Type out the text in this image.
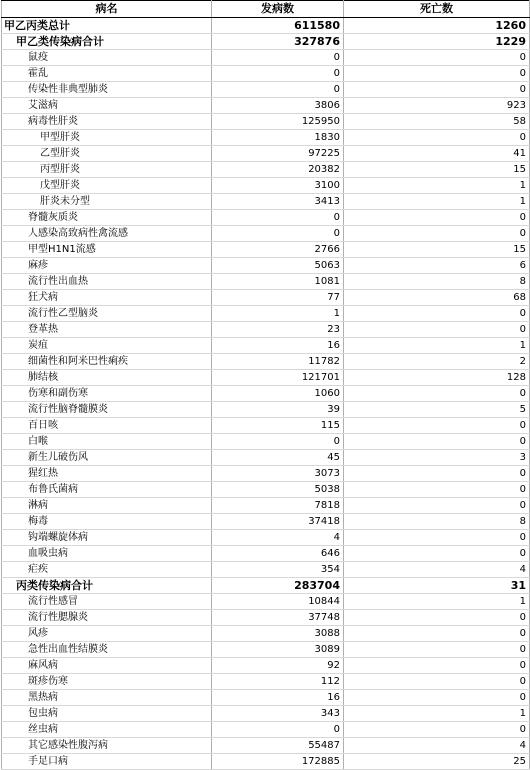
病名	发病数	死亡数
甲乙丙类总计	611580	1260
甲乙类传染病合计	327876	1229
鼠疫	0	0
霍乱	0	0
传染性非典型肺炎	0	0
艾滋病	3806	923
病毒性肝炎	125950	58
甲型肝炎	1830	0
乙型肝炎	97225	41
丙型肝炎	20382	15
戊型肝炎	3100	1
肝炎未分型	3413	1
脊髓灰质炎	0	0
人感染高致病性禽流感	0	0
甲型H1N1流感	2766	15
麻疹	5063	6
流行性出血热	1081	8
狂犬病	77	68
流行性乙型脑炎	1	0
登革热	23	0
炭疽	16	1
细菌性和阿米巴性痢疾	11782	2
肺结核	121701	128
伤寒和副伤寒	1060	0
流行性脑脊髓膜炎	39	5
百日咳	115	0
白喉	0	0
新生儿破伤风	45	3
猩红热	3073	0
布鲁氏菌病	5038	0
淋病	7818	0
梅毒	37418	8
钩端螺旋体病	4	0
血吸虫病	646	0
疟疾	354	4
丙类传染病合计	283704	31
流行性感冒	10844	1
流行性腮腺炎	37748	0
风疹	3088	0
急性出血性结膜炎	3089	0
麻风病	92	0
斑疹伤寒	112	0
黑热病	16	0
包虫病	343	1
丝虫病	0	0
其它感染性腹泻病	55487	4
手足口病	172885	25
